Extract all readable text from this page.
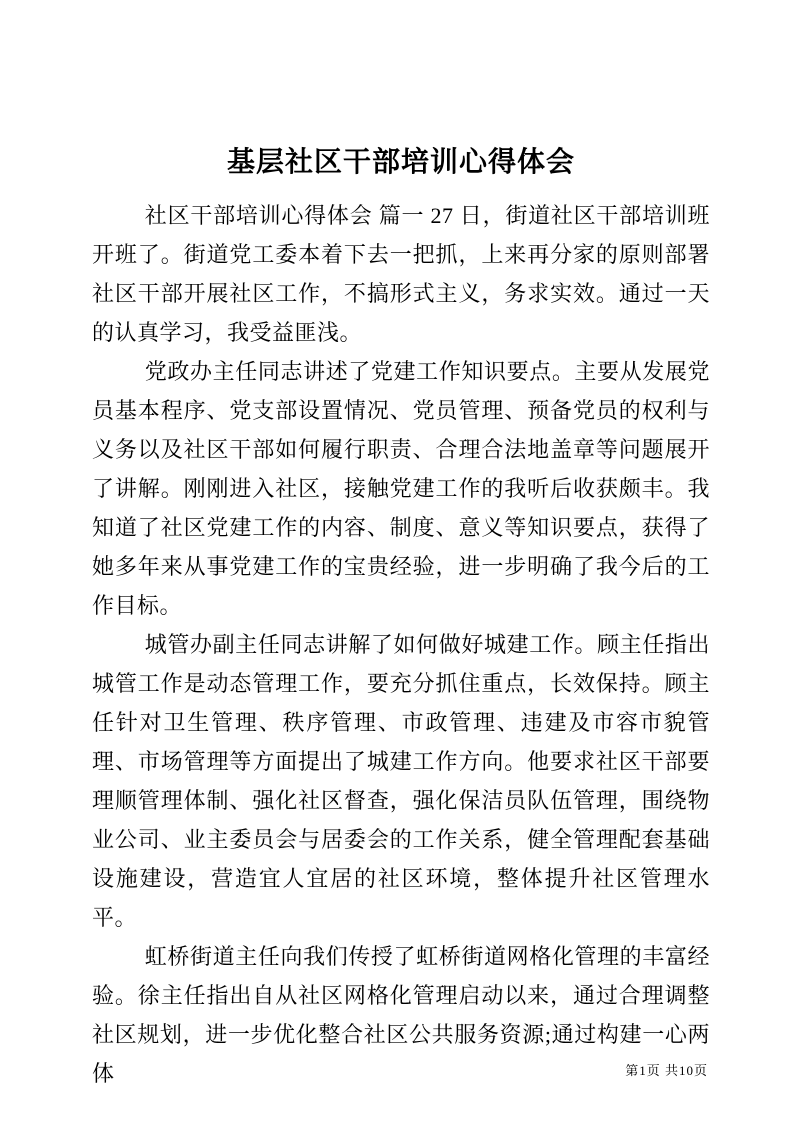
基层社区干部培训心得体会

社区干部培训心得体会 篇一 27 日，街道社区干部培训班开班了。街道党工委本着下去一把抓，上来再分家的原则部署社区干部开展社区工作，不搞形式主义，务求实效。通过一天的认真学习，我受益匪浅。

党政办主任同志讲述了党建工作知识要点。主要从发展党员基本程序、党支部设置情况、党员管理、预备党员的权利与义务以及社区干部如何履行职责、合理合法地盖章等问题展开了讲解。刚刚进入社区，接触党建工作的我听后收获颇丰。我知道了社区党建工作的内容、制度、意义等知识要点，获得了她多年来从事党建工作的宝贵经验，进一步明确了我今后的工作目标。

城管办副主任同志讲解了如何做好城建工作。顾主任指出城管工作是动态管理工作，要充分抓住重点，长效保持。顾主任针对卫生管理、秩序管理、市政管理、违建及市容市貌管理、市场管理等方面提出了城建工作方向。他要求社区干部要理顺管理体制、强化社区督查，强化保洁员队伍管理，围绕物业公司、业主委员会与居委会的工作关系，健全管理配套基础设施建设，营造宜人宜居的社区环境，整体提升社区管理水平。

虹桥街道主任向我们传授了虹桥街道网格化管理的丰富经验。徐主任指出自从社区网格化管理启动以来，通过合理调整社区规划，进一步优化整合社区公共服务资源;通过构建一心两体	第1页 共10页
